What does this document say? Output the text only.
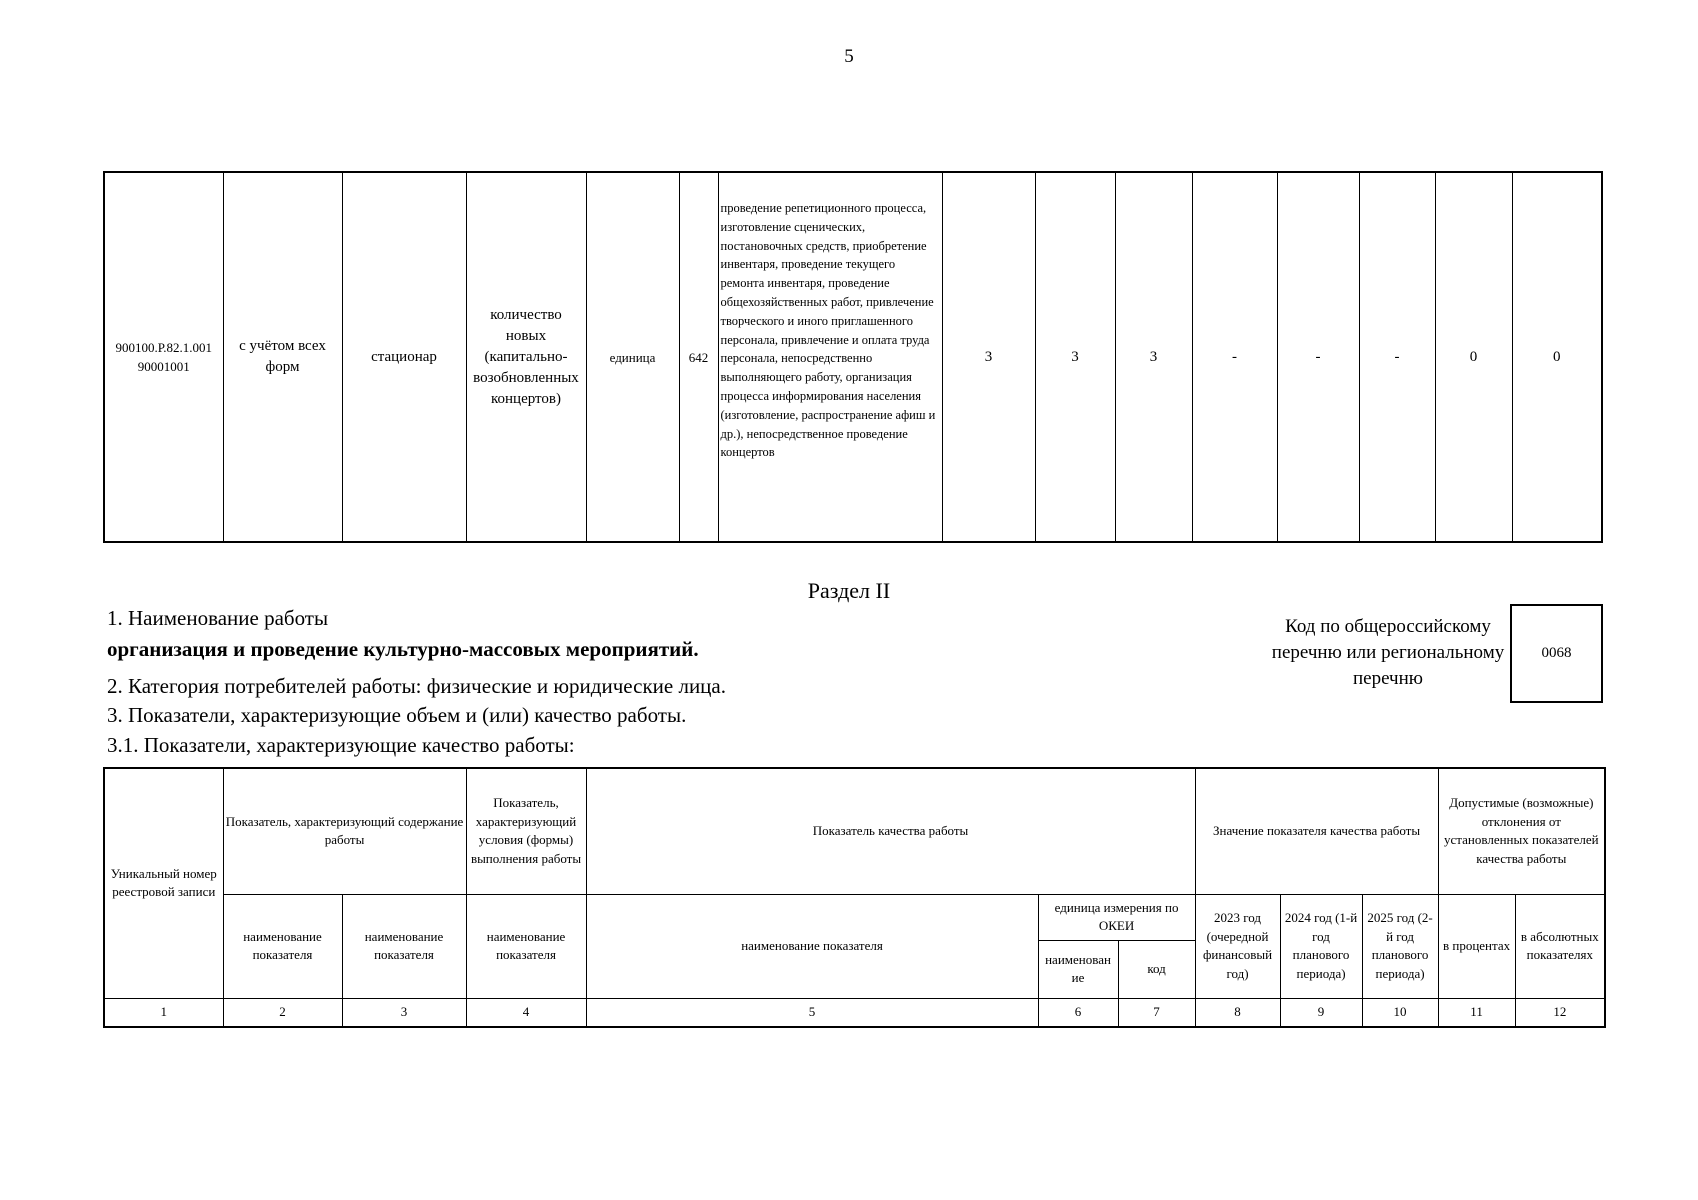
5
900100.Р.82.1.001 90001001	с учётом всех форм	стационар	количество новых (капитально-возобновленных концертов)	единица	642	проведение репетиционного процесса, изготовление сценических, постановочных средств, приобретение инвентаря, проведение текущего ремонта инвентаря, проведение общехозяйственных работ, привлечение творческого и иного приглашенного персонала, привлечение и оплата труда персонала, непосредственно выполняющего работу, организация процесса информирования населения (изготовление, распространение афиш и др.), непосредственное проведение концертов	3	3	3	-	-	-	0	0
Раздел II
1. Наименование работы
организация и проведение культурно-массовых мероприятий.
2. Категория потребителей работы: физические и юридические лица.
3. Показатели, характеризующие объем и (или) качество работы.
3.1. Показатели, характеризующие качество работы:
Код по общероссийскому перечню или региональному перечню
0068
Уникальный номер реестровой записи	Показатель, характеризующий содержание работы		Показатель, характеризующий условия (формы) выполнения работы	Показатель качества работы			Значение показателя качества работы			Допустимые (возможные) отклонения от установленных показателей качества работы	
	наименование показателя	наименование показателя	наименование показателя	наименование показателя	единица измерения по ОКЕИ		2023 год (очередной финансовый год)	2024 год (1-й год планового периода)	2025 год (2-й год планового периода)	в процентах	в абсолютных показателях
					наименован ие	код					
1	2	3	4	5	6	7	8	9	10	11	12
